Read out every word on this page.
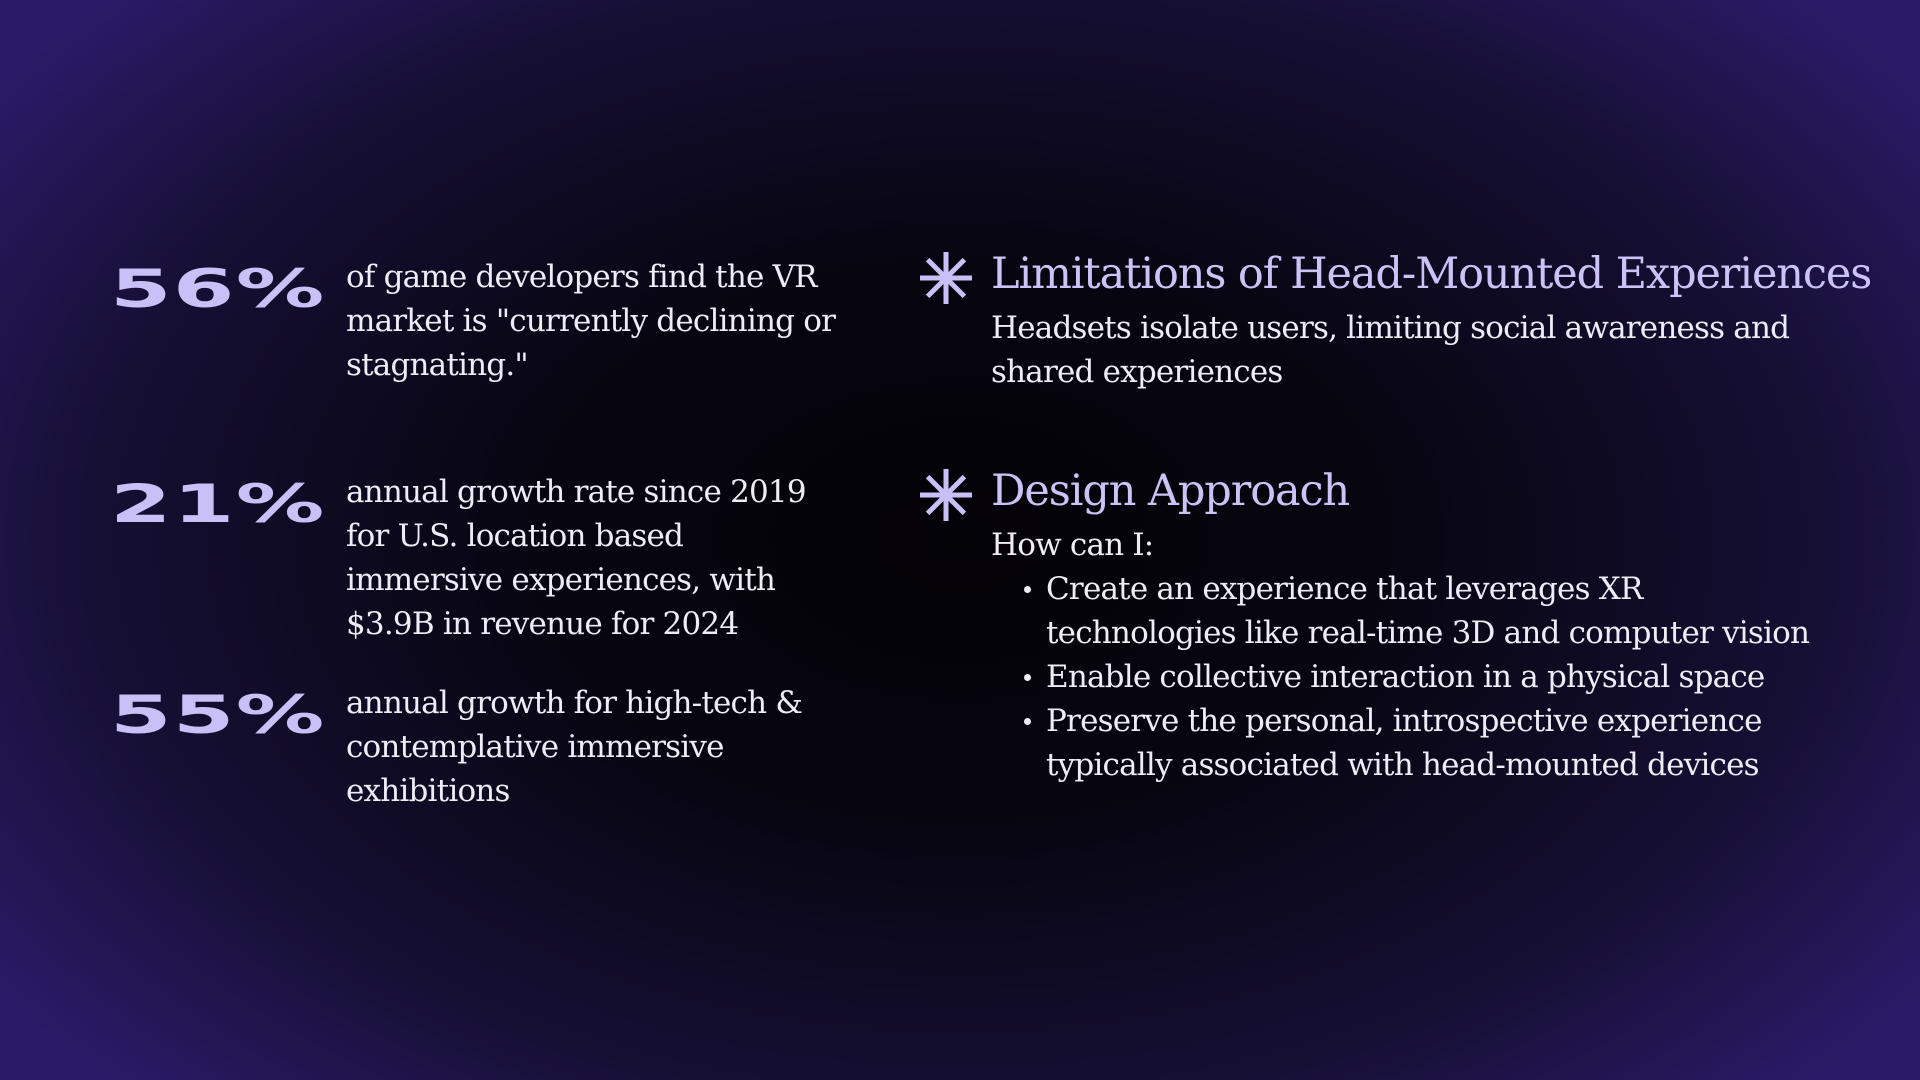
56% of game developers find the VR market is "currently declining or stagnating."
21% annual growth rate since 2019 for U.S. location based immersive experiences, with $3.9B in revenue for 2024
55% annual growth for high-tech & contemplative immersive exhibitions
Limitations of Head-Mounted Experiences
Headsets isolate users, limiting social awareness and shared experiences
Design Approach
How can I:
Create an experience that leverages XR technologies like real-time 3D and computer vision
Enable collective interaction in a physical space
Preserve the personal, introspective experience typically associated with head-mounted devices
